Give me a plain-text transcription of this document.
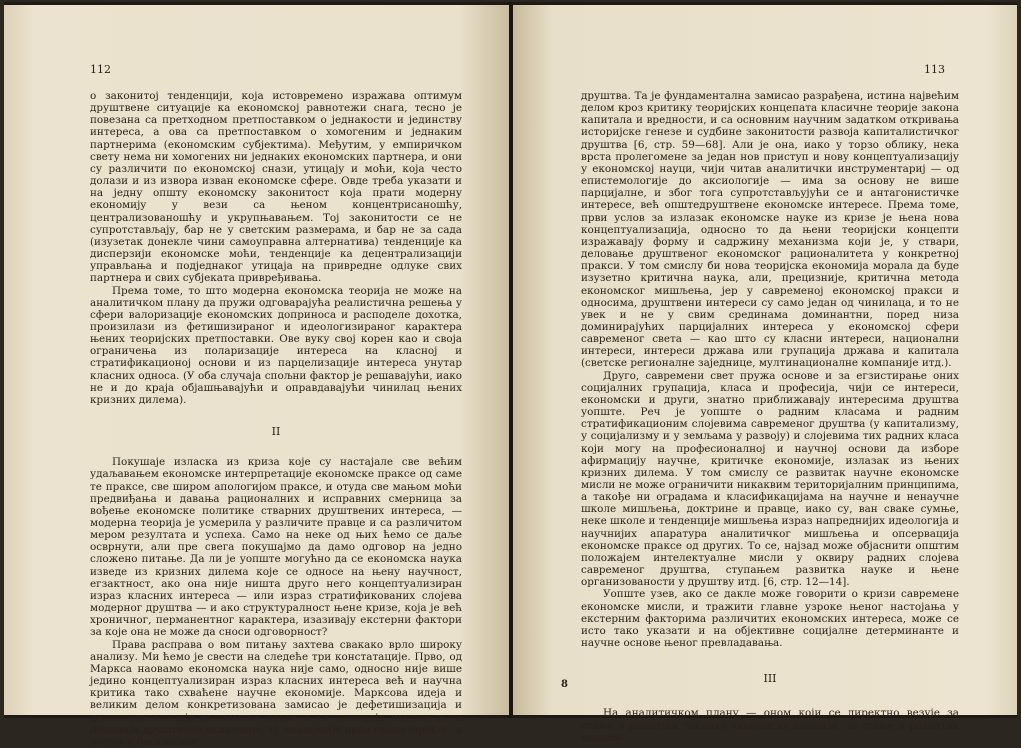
112

о законитој тенденцији, која истовремено изражава оптимум друштвене ситуације ка економској равнотежи снага, тесно је повезана са претходном претпоставком о једнакости и јединству интереса, а ова са претпоставком о хомогеним и једнаким партнерима (економским субјектима). Међутим, у емпиричком свету нема ни хомогених ни једнаких економских партнера, и они су различити по економској снази, утицају и моћи, која често долази и из извора изван економске сфере. Овде треба указати и на једну општу економску законитост која прати модерну економију у вези са њеном концентрисаношћу, централизованошћу и укрупњавањем. Тој законитости се не супротстављају, бар не у светским размерама, и бар не за сада (изузетак донекле чини самоуправна алтернатива) тенденције ка дисперзији економске моћи, тенденције ка децентрализацији управљања и подједнаког утицаја на привредне одлуке свих партнера и свих субјеката привређивања.

Према томе, то што модерна економска теорија не може на аналитичком плану да пружи одговарајућа реалистична решења у сфери валоризације економских доприноса и расподеле дохотка, произилази из фетишизираног и идеологизираног карактера њених теоријских претпоставки. Ове вуку свој корен као и своја ограничења из поларизације интереса на класној и стратификационој основи и из парцелизације интереса унутар класних односа. (У оба случаја спољни фактор је решавајући, иако не и до краја објашњавајући и оправдавајући чинилац њених кризних дилема).

II

Покушаје изласка из криза које су настајале све већим удаљавањем економске интерпретације економске праксе од саме те праксе, све широм апологијом праксе, и отуда све мањом моћи предвиђања и давања рационалних и исправних смерница за вођење економске политике стварних друштвених интереса, — модерна теорија је усмерила у различите правце и са различитом мером резултата и успеха. Само на неке од њих ћемо се даље осврнути, али пре свега покушајмо да дамо одговор на једно сложено питање. Да ли је уопште могућно да се економска наука изведе из кризних дилема које се односе на њену научност, егзактност, ако она није ништа друго него концептуализиран израз класних интереса — или израз стратификованих слојева модерног друштва — и ако структуралност њене кризе, која је већ хроничног, перманентног карактера, изазивају екстерни фактори за које она не може да сноси одговорност?

Права расправа о вом питању захтева свакако врло широку анализу. Ми ћемо је свести на следеће три констатације. Прво, од Маркса наовамо економска наука није само, односно није више једино концептуализиран израз класних интереса већ и научна критика тако схваћене научне економије. Марксова идеја и великим делом конкретизована замисао је дефетишизација и деаполотетизација економске науке и са позиција научне и са позиција друштвене економије, тј. економије прво пролетерског, а потом и бескласног

113

друштва. Та је фундаментална замисао разрађена, истина највећим делом кроз критику теоријских концепата класичне теорије закона капитала и вредности, и са основним научним задатком откривања историјске генезе и судбине законитости развоја капиталистичког друштва [6, стр. 59—68]. Али је она, иако у торзо облику, нека врста пролегомене за један нов приступ и нову концептуализацију у економској науци, чији читав аналитички инструментариј — од епистемологије до аксиологије — има за основу не више парцијалне, и због тога супротстављујући се и антагонистичке интересе, већ општедруштвене економске интересе. Према томе, први услов за излазак економске науке из кризе је њена нова концептуализација, односно то да њени теоријски концепти изражавају форму и садржину механизма који је, у ствари, деловање друштвеног економског рационалитета у конкретној пракси. У том смислу би нова теоријска економија морала да буде изузетно критична наука, али, прецизније, критична метода економског мишљења, јер у савременој економској пракси и односима, друштвени интереси су само један од чинилаца, и то не увек и не у свим срединама доминантни, поред низа доминирајућих парцијалних интереса у економској сфери савременог света — као што су класни интереси, национални интереси, интереси држава или групација држава и капитала (светске регионалне заједнице, мултинационалне компаније итд.).

Друго, савремени свет пружа основе и за егзистирање оних социјалних групација, класа и професија, чији се интереси, економски и други, знатно приближавају интересима друштва уопште. Реч је уопште о радним класама и радним стратификационим слојевима савременог друштва (у капитализму, у социјализму и у земљама у развоју) и слојевима тих радних класа који могу на професионалној и научној основи да изборе афирмацију научне, критичке економије, излазак из њених кризних дилема. У том смислу се развитак научне економске мисли не може ограничити никаквим територијалним принципима, а такође ни оградама и класификацијама на научне и ненаучне школе мишљења, доктрине и правце, иако су, ван сваке сумње, неке школе и тенденције мишљења израз напреднијих идеологија и научнијих апаратура аналитичког мишљења и опсервација економске праксе од других. То се, најзад може објаснити општим положајем интелектуалне мисли у оквиру радних слојева савременог друштва, ступањем развитка науке и њене организованости у друштву итд. [6, стр. 12—14].

Уопште узев, ако се дакле може говорити о кризи савремене економске мисли, и тражити главне узроке њеног настојања у екстерним факторима различитих економских интереса, може се исто тако указати и на објективне социјалне детерминанте и научне основе њеног превладавања.

III

На аналитичком плану — оном који се директно везује за стање и развитак технике економске анализе, за стање и развитак економ-

8
